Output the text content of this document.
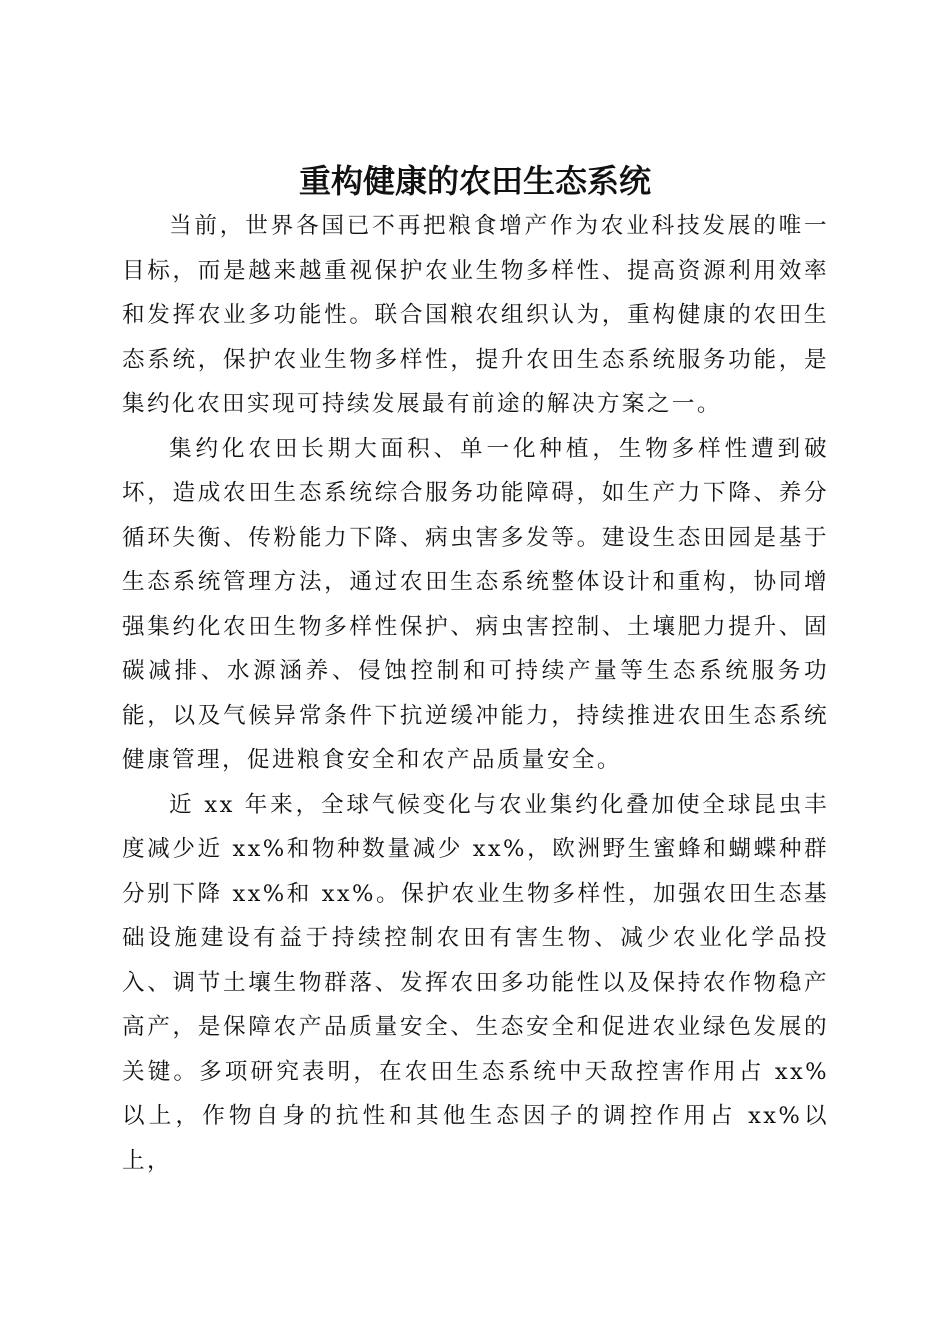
重构健康的农田生态系统

当前，世界各国已不再把粮食增产作为农业科技发展的唯一目标，而是越来越重视保护农业生物多样性、提高资源利用效率和发挥农业多功能性。联合国粮农组织认为，重构健康的农田生态系统，保护农业生物多样性，提升农田生态系统服务功能，是集约化农田实现可持续发展最有前途的解决方案之一。

集约化农田长期大面积、单一化种植，生物多样性遭到破坏，造成农田生态系统综合服务功能障碍，如生产力下降、养分循环失衡、传粉能力下降、病虫害多发等。建设生态田园是基于生态系统管理方法，通过农田生态系统整体设计和重构，协同增强集约化农田生物多样性保护、病虫害控制、土壤肥力提升、固碳减排、水源涵养、侵蚀控制和可持续产量等生态系统服务功能，以及气候异常条件下抗逆缓冲能力，持续推进农田生态系统健康管理，促进粮食安全和农产品质量安全。

近 xx 年来，全球气候变化与农业集约化叠加使全球昆虫丰度减少近 xx%和物种数量减少 xx%，欧洲野生蜜蜂和蝴蝶种群分别下降 xx%和 xx%。保护农业生物多样性，加强农田生态基础设施建设有益于持续控制农田有害生物、减少农业化学品投入、调节土壤生物群落、发挥农田多功能性以及保持农作物稳产高产，是保障农产品质量安全、生态安全和促进农业绿色发展的关键。多项研究表明，在农田生态系统中天敌控害作用占 xx%以上，作物自身的抗性和其他生态因子的调控作用占 xx%以上，
